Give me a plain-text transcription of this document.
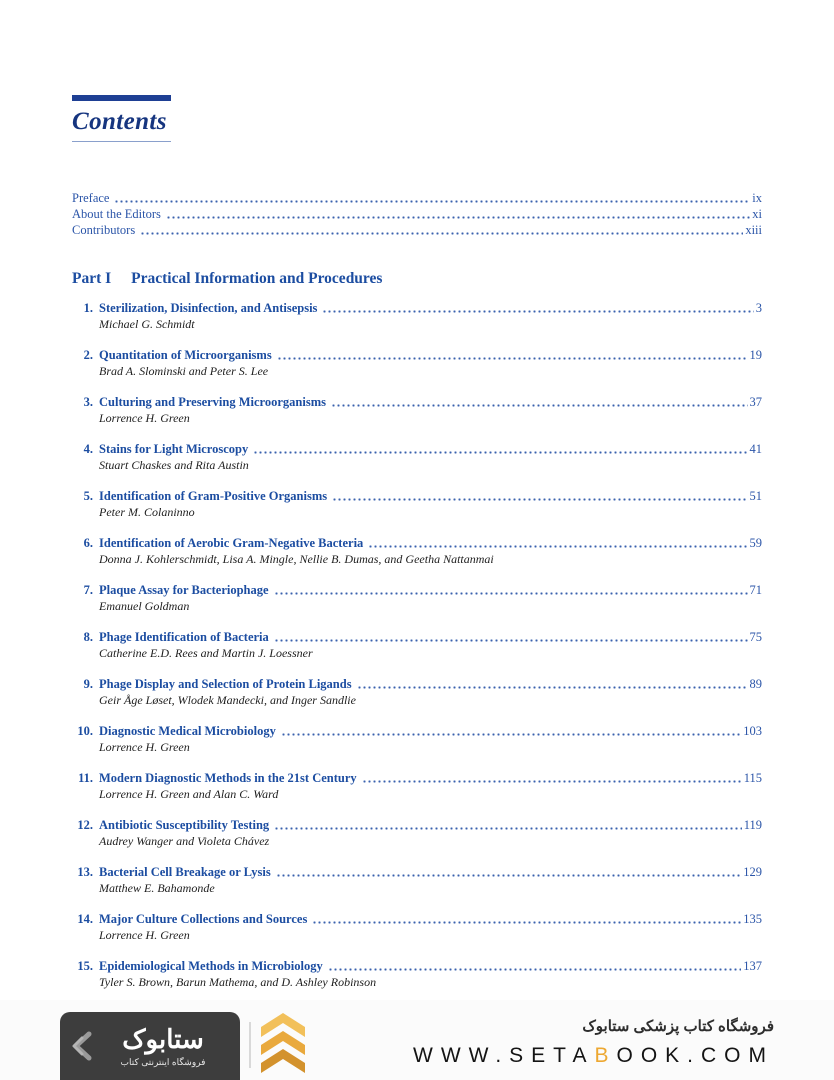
Contents
Preface	ix
About the Editors	xi
Contributors	xiii
Part I Practical Information and Procedures
1. Sterilization, Disinfection, and Antisepsis	3
Michael G. Schmidt
2. Quantitation of Microorganisms	19
Brad A. Slominski and Peter S. Lee
3. Culturing and Preserving Microorganisms	37
Lorrence H. Green
4. Stains for Light Microscopy	41
Stuart Chaskes and Rita Austin
5. Identification of Gram-Positive Organisms	51
Peter M. Colaninno
6. Identification of Aerobic Gram-Negative Bacteria	59
Donna J. Kohlerschmidt, Lisa A. Mingle, Nellie B. Dumas, and Geetha Nattanmai
7. Plaque Assay for Bacteriophage	71
Emanuel Goldman
8. Phage Identification of Bacteria	75
Catherine E.D. Rees and Martin J. Loessner
9. Phage Display and Selection of Protein Ligands	89
Geir Åge Løset, Wlodek Mandecki, and Inger Sandlie
10. Diagnostic Medical Microbiology	103
Lorrence H. Green
11. Modern Diagnostic Methods in the 21st Century	115
Lorrence H. Green and Alan C. Ward
12. Antibiotic Susceptibility Testing	119
Audrey Wanger and Violeta Chávez
13. Bacterial Cell Breakage or Lysis	129
Matthew E. Bahamonde
14. Major Culture Collections and Sources	135
Lorrence H. Green
15. Epidemiological Methods in Microbiology	137
Tyler S. Brown, Barun Mathema, and D. Ashley Robinson
ستابوک
فروشگاه اینترنتی کتاب
فروشگاه کتاب پزشکی ستابوک
WWW.SETABOOK.COM
